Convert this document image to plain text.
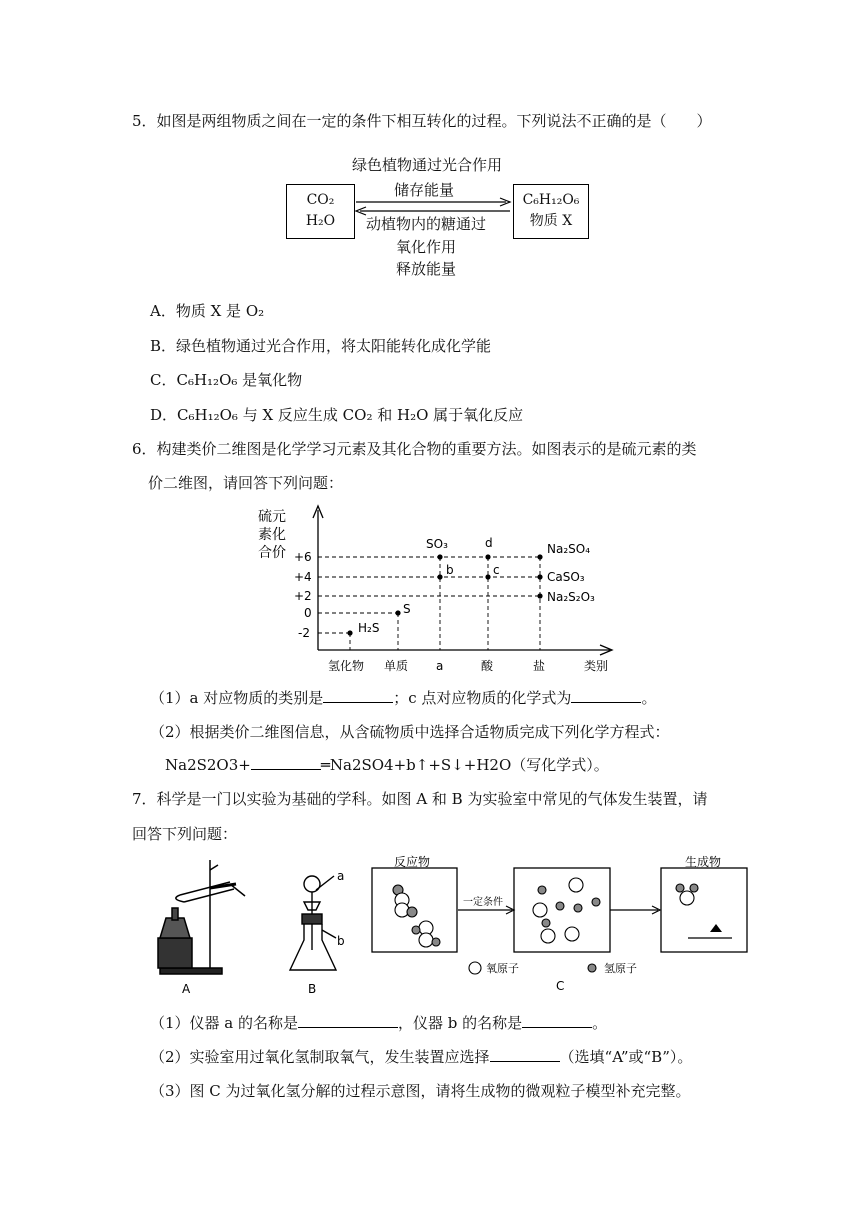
5．如图是两组物质之间在一定的条件下相互转化的过程。下列说法不正确的是（　　）
绿色植物通过光合作用
储存能量
CO₂
H₂O
C₆H₁₂O₆
物质 X
动植物内的糖通过
氧化作用
释放能量
A．物质 X 是 O₂
B．绿色植物通过光合作用，将太阳能转化成化学能
C．C₆H₁₂O₆ 是氧化物
D．C₆H₁₂O₆ 与 X 反应生成 CO₂ 和 H₂O 属于氧化反应
6．构建类价二维图是化学学习元素及其化合物的重要方法。如图表示的是硫元素的类
价二维图，请回答下列问题：
硫元
素化
合价 +6
+4
+2
0
-2	H₂S
S
SO₃
b
d
c
Na₂SO₄
CaSO₃
Na₂S₂O₃
氢化物 单质 a	酸	盐	类别
（1）a 对应物质的类别是	；c 点对应物质的化学式为	。
（2）根据类价二维图信息，从含硫物质中选择合适物质完成下列化学方程式：
Na2S2O3+	═Na2SO4+b↑+S↓+H2O（写化学式）。
7．科学是一门以实验为基础的学科。如图 A 和 B 为实验室中常见的气体发生装置，请
回答下列问题：
A
a
b
B
反应物
一定条件
生成物
氧原子	氢原子
C
（1）仪器 a 的名称是	，仪器 b 的名称是	。
（2）实验室用过氧化氢制取氧气，发生装置应选择	（选填“A”或“B”）。
（3）图 C 为过氧化氢分解的过程示意图，请将生成物的微观粒子模型补充完整。
